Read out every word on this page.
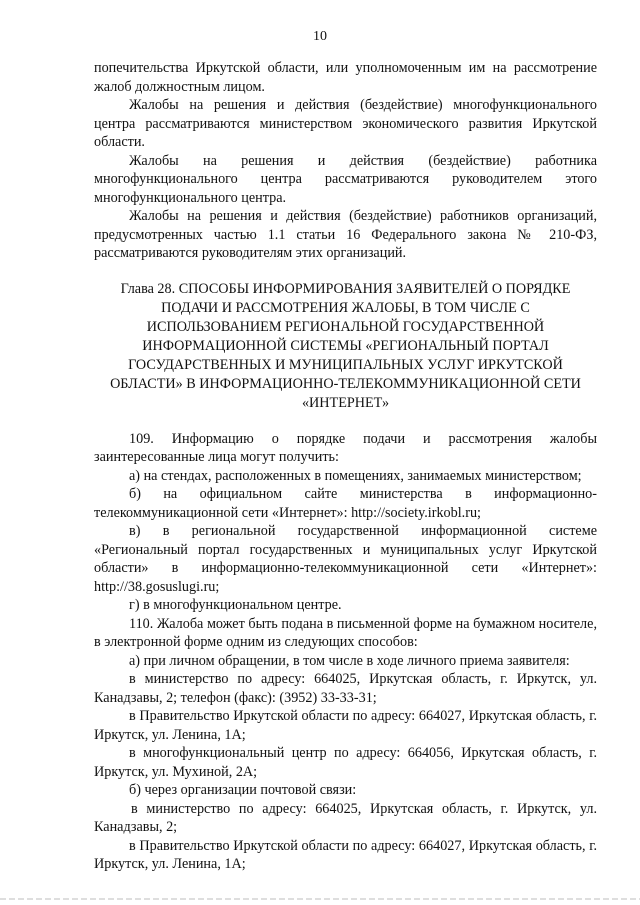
10

попечительства Иркутской области, или уполномоченным им на рассмотрение жалоб должностным лицом.

Жалобы на решения и действия (бездействие) многофункционального центра рассматриваются министерством экономического развития Иркутской области.

Жалобы на решения и действия (бездействие) работника многофункционального центра рассматриваются руководителем этого многофункционального центра.

Жалобы на решения и действия (бездействие) работников организаций, предусмотренных частью 1.1 статьи 16 Федерального закона № 210-ФЗ, рассматриваются руководителям этих организаций.

Глава 28. СПОСОБЫ ИНФОРМИРОВАНИЯ ЗАЯВИТЕЛЕЙ О ПОРЯДКЕ ПОДАЧИ И РАССМОТРЕНИЯ ЖАЛОБЫ, В ТОМ ЧИСЛЕ С ИСПОЛЬЗОВАНИЕМ РЕГИОНАЛЬНОЙ ГОСУДАРСТВЕННОЙ ИНФОРМАЦИОННОЙ СИСТЕМЫ «РЕГИОНАЛЬНЫЙ ПОРТАЛ ГОСУДАРСТВЕННЫХ И МУНИЦИПАЛЬНЫХ УСЛУГ ИРКУТСКОЙ ОБЛАСТИ» В ИНФОРМАЦИОННО-ТЕЛЕКОММУНИКАЦИОННОЙ СЕТИ «ИНТЕРНЕТ»

109. Информацию о порядке подачи и рассмотрения жалобы заинтересованные лица могут получить:

а) на стендах, расположенных в помещениях, занимаемых министерством;

б) на официальном сайте министерства в информационно-телекоммуникационной сети «Интернет»: http://society.irkobl.ru;

в) в региональной государственной информационной системе «Региональный портал государственных и муниципальных услуг Иркутской области» в информационно-телекоммуникационной сети «Интернет»: http://38.gosuslugi.ru;

г) в многофункциональном центре.

110. Жалоба может быть подана в письменной форме на бумажном носителе, в электронной форме одним из следующих способов:

а) при личном обращении, в том числе в ходе личного приема заявителя:

в министерство по адресу: 664025, Иркутская область, г. Иркутск, ул. Канадзавы, 2; телефон (факс): (3952) 33-33-31;

в Правительство Иркутской области по адресу: 664027, Иркутская область, г. Иркутск, ул. Ленина, 1А;

в многофункциональный центр по адресу: 664056, Иркутская область, г. Иркутск, ул. Мухиной, 2А;

б) через организации почтовой связи:

в министерство по адресу: 664025, Иркутская область, г. Иркутск, ул. Канадзавы, 2;

в Правительство Иркутской области по адресу: 664027, Иркутская область, г. Иркутск, ул. Ленина, 1А;
